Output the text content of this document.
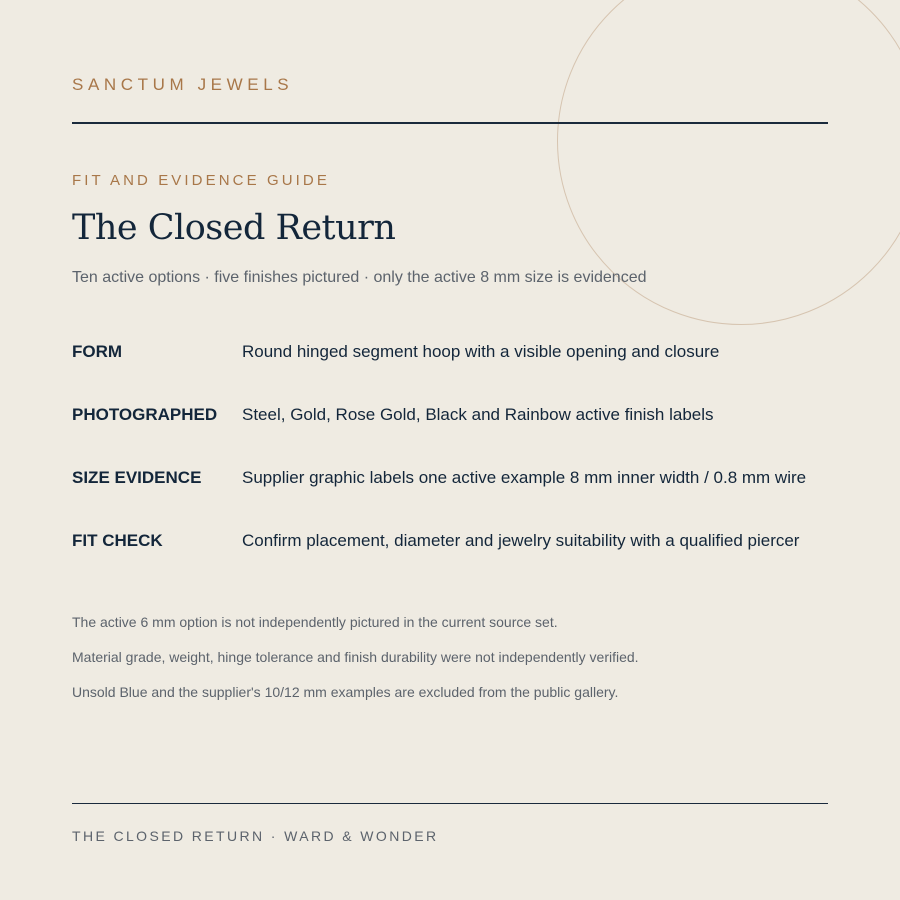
SANCTUM JEWELS
FIT AND EVIDENCE GUIDE
The Closed Return
Ten active options · five finishes pictured · only the active 8 mm size is evidenced
FORM	Round hinged segment hoop with a visible opening and closure
PHOTOGRAPHED Steel, Gold, Rose Gold, Black and Rainbow active finish labels
SIZE EVIDENCE Supplier graphic labels one active example 8 mm inner width / 0.8 mm wire
FIT CHECK	Confirm placement, diameter and jewelry suitability with a qualified piercer
The active 6 mm option is not independently pictured in the current source set.
Material grade, weight, hinge tolerance and finish durability were not independently verified.
Unsold Blue and the supplier's 10/12 mm examples are excluded from the public gallery.
THE CLOSED RETURN · WARD & WONDER
